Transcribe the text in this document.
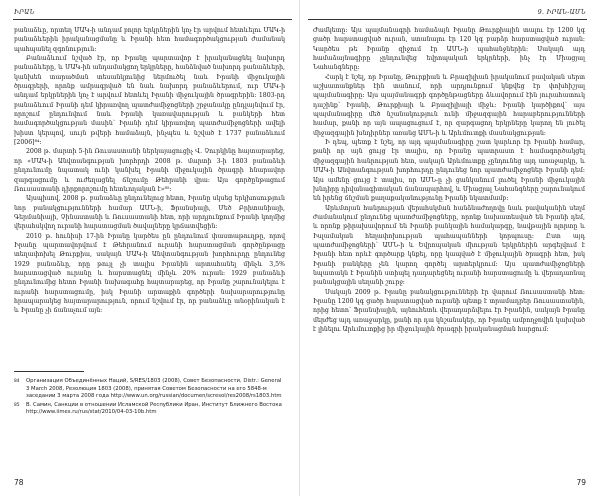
ԻՐԱՆ

բանաձևը, որտեղ ՄԱԿ-ի անդամ բոլոր երկրներին կոչ էր արվում հետևելու ՄԱԿ-ի բանաձևերին իրականացմանը և Իրանի հետ համագործակցության ժամանակ պահպանել զգոնություն:

Բանաձևում նշված էր, որ Իրանը պարտավոր է իրականացնել նախորդ բանաձևերը, և ՄԱԿ-ին անդամակցող երկրները, հանձնված նախորդ բանաձևերի, կանխեն տարածման տեսանկյունից ներմուծել նաև Իրանի միջուկային ծրագրերի, որոնք ամրագրված են նաև նախորդ բանաձևերում, ուր ՄԱԿ-ի անդամ երկրներին կոչ է արվում հետևել Իրանի միջուկային ծրագրերին: 1803-րդ բանաձևում Իրանի դեմ կիրառվող պատժամիջոցների շրջանակը ընդլայնվում էր, որոշում ընդունվում նաև Իրանի կառավարության և բանկերի հետ համագործակցության մասին՝ Իրանի դեմ կիրառվող պատժամիջոցների ավելի խիստ կերպով, սույն թվերի համաձայն, ինչպես և նշված է 1737 բանաձևում [2006]⁸⁴:

2008 թ. մարտի 5-ին Ռուսաստանի ներկայացուցիչ Վ. Չուրկինը հայտարարեց, որ «ՄԱԿ-ի Անվտանգության խորհրդի 2008 թ. մարտի 3-ի 1803 բանաձևի ընդունումը նպատակ ունի կանխել Իրանի միջուկային ծրագրի հնարավոր զարգացումը և ուժեղացնել ճնշումը Թեհրանի վրա: Այս գործընթացում Ռուսաստանի դիրքորոշումը հետևողական է»⁸⁵:

Այսպիսով, 2008 թ. բանաձևը ընդունելուց հետո, Իրանը սկսեց երկխոսություն նոր բանակցությունների համար ԱՄՆ-ի, Ֆրանսիայի, Մեծ Բրիտանիայի, Գերմանիայի, Չինաստանի և Ռուսաստանի հետ, որի արդյունքում Իրանի կողմից վերահսկվող ուրանի հարստացման ծավալները կրճատվեցին:

2010 թ. հունիսի 17-ին Իրանը կարծես ըն ընդունում փաստաթուղթը, որով Իրանը պարտավորվում է Թեհրանում ուրանի հարստացման գործընթացը տեղափոխել Թուրքիա, սակայն ՄԱԿ-ի Անվտանգության խորհուրդը ընդունեց 1929 բանաձևը, որը թույլ չի տալիս Իրանին արտահանել մինչև 3,5% հարստացված ուրանը և հարստացնել մինչև 20% ուրան: 1929 բանաձևի ընդունումից հետո Իրանի նախագահը հայտարարեց, որ Իրանը շարունակելու է ուրանի հարստացումը, իսկ Իրանի արտաքին գործերի նախարարությունը հրապարակեց հայտարարություն, որում նշվում էր, որ բանաձևը անօրինական է և Իրանը չի ճանաչում այն:

84 Организация Объединённых Наций, S/RES/1803 (2008), Совет Безопасности, Distr.: General 3 March 2008, Резолюция 1803 (2008), принятая Советом Безопасности на его 5848-м заседании 3 марта 2008 года http://www.un.org/russian/documen/scresol/res2008/rs1803.htm
85 В. Самин, Санкции в отношении Исламской Республики Иран, Институт Ближнего Востока http://www.iimes.ru/rus/stat/2010/04-03-10b.htm
78
9. ԻՐԱՆ-ԱՄՆ

Ժամկետը: Այս պայմանագրի համաձայն Իրանը Թուրքիային տալու էր 1200 կգ ցածր հարստացված ուրան, ստանալու էր 120 կգ բարձր հարստացված ուրան: Կարծես թե Իրանը զիջում էր ԱՄՆ-ի պահանջներին: Սակայն այդ համաձայնագիրը չընդունվեց եվրոպական երկրների, ինչ էր Միացյալ Նահանգները:

Հարկ է նշել, որ Իրանը, Թուրքիան և Բրազիլիան իրականում բավական սերտ աշխատանքներ էին տանում, որի արդյունքում կնքվեց էր փոխհիշյալ պայմանագիրը: Այս պայմանագրի գործընթացները ձևավորում էին յուրահատուկ դաշինք՝ Իրանի, Թուրքիայի և Բրազիլիայի միջև: Իրանի կարծիքով՝ այս պայմանագիրը մեծ նշանակություն ունի միջազգային հարաբերությունների համար, քանի որ այն ապացուցում է, որ զարգացող երկրները կարող են լուծել միջազգային խնդիրներ առանց ԱՄՆ-ի և Արևմուտքի մասնակցության:

Ի դեպ, պետք է նշել, որ այդ պայմանագիրը շատ կարևոր էր Իրանի համար, քանի որ այն ցույց էր տալիս, որ Իրանը պատրաստ է համագործակցել միջազգային հանրության հետ, սակայն Արևմուտքը չընդունեց այդ առաջարկը, և ՄԱԿ-ի Անվտանգության խորհուրդը ընդունեց նոր պատժամիջոցներ Իրանի դեմ: Այս ամենը ցույց է տալիս, որ ԱՄՆ-ը չի ցանկանում լուծել Իրանի միջուկային խնդիրը դիվանագիտական ճանապարհով, և Միացյալ Նահանգները շարունակում են իրենց ճնշման քաղաքականությունը Իրանի նկատմամբ:

Արևմտյան հանրության վերահսկման հանձնաժողովը նաև բավականին սեղմ ժամանակում ընդունեց պատժամիջոցները, որոնք նախատեսված են Իրանի դեմ, և որոնք թիրախավորում են Իրանի բանկային համակարգը, նավթային ոլորտը և Իսլամական հեղափոխության պահապանների կորպուսը: Ըստ այդ պատժամիջոցների՝ ԱՄՆ-ի և Եվրոպական միության երկրներին արգելվում է Իրանի հետ որևէ գործարք կնքել, որը կապված է միջուկային ծրագրի հետ, իսկ Իրանի բանկերը չեն կարող գործել արտերկրում: Այս պատժամիջոցների նպատակն է Իրանին ստիպել դադարեցնել ուրանի հարստացումը և վերադառնալ բանակցային սեղանի շուրջ:

Սակայն 2009 թ. Իրանը բանակցությունների էր վարում Ռուսաստանի հետ: Իրանը 1200 կգ ցածր հարստացված ուրանի պետք է տրամադրեր Ռուսաստանին, որից հետո՝ Ֆրանսիային, այնուհետև վերադարձվելու էր Իրանին, սակայն Իրանը մերժեց այդ առաջարկը, քանի որ դա կնշանակեր, որ Իրանը ամբողջովին կախված է լինելու Արևմուտքից իր միջուկային ծրագրի իրականացման հարցում:

79
